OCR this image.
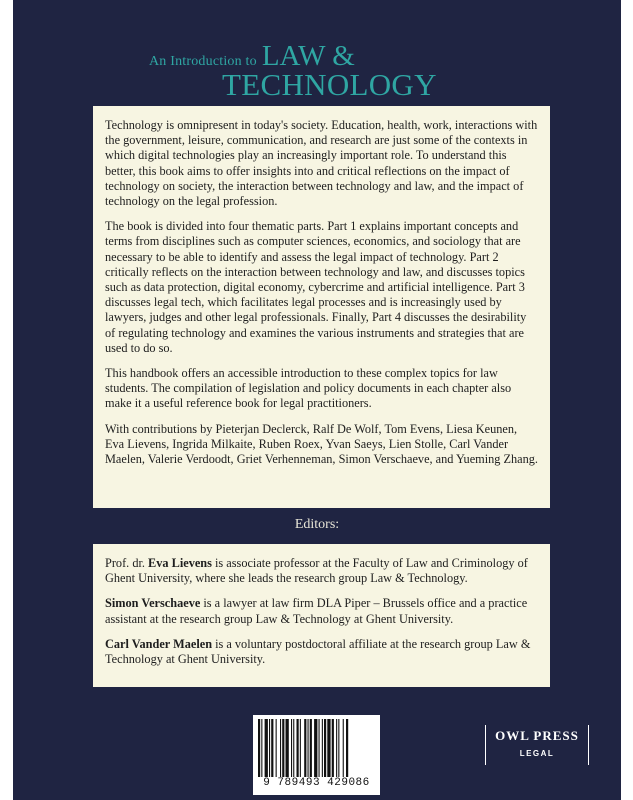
An Introduction to LAW &
TECHNOLOGY

Technology is omnipresent in today's society. Education, health, work, interactions with the government, leisure, communication, and research are just some of the contexts in which digital technologies play an increasingly important role. To understand this better, this book aims to offer insights into and critical reflections on the impact of technology on society, the interaction between technology and law, and the impact of technology on the legal profession.

The book is divided into four thematic parts. Part 1 explains important concepts and terms from disciplines such as computer sciences, economics, and sociology that are necessary to be able to identify and assess the legal impact of technology. Part 2 critically reflects on the interaction between technology and law, and discusses topics such as data protection, digital economy, cybercrime and artificial intelligence. Part 3 discusses legal tech, which facilitates legal processes and is increasingly used by lawyers, judges and other legal professionals. Finally, Part 4 discusses the desirability of regulating technology and examines the various instruments and strategies that are used to do so.

This handbook offers an accessible introduction to these complex topics for law students. The compilation of legislation and policy documents in each chapter also make it a useful reference book for legal practitioners.

With contributions by Pieterjan Declerck, Ralf De Wolf, Tom Evens, Liesa Keunen, Eva Lievens, Ingrida Milkaite, Ruben Roex, Yvan Saeys, Lien Stolle, Carl Vander Maelen, Valerie Verdoodt, Griet Verhenneman, Simon Verschaeve, and Yueming Zhang.

Editors:

Prof. dr. Eva Lievens is associate professor at the Faculty of Law and Criminology of Ghent University, where she leads the research group Law & Technology.

Simon Verschaeve is a lawyer at law firm DLA Piper – Brussels office and a practice assistant at the research group Law & Technology at Ghent University.

Carl Vander Maelen is a voluntary postdoctoral affiliate at the research group Law & Technology at Ghent University.

9 789493 429086
OWL PRESS
LEGAL
